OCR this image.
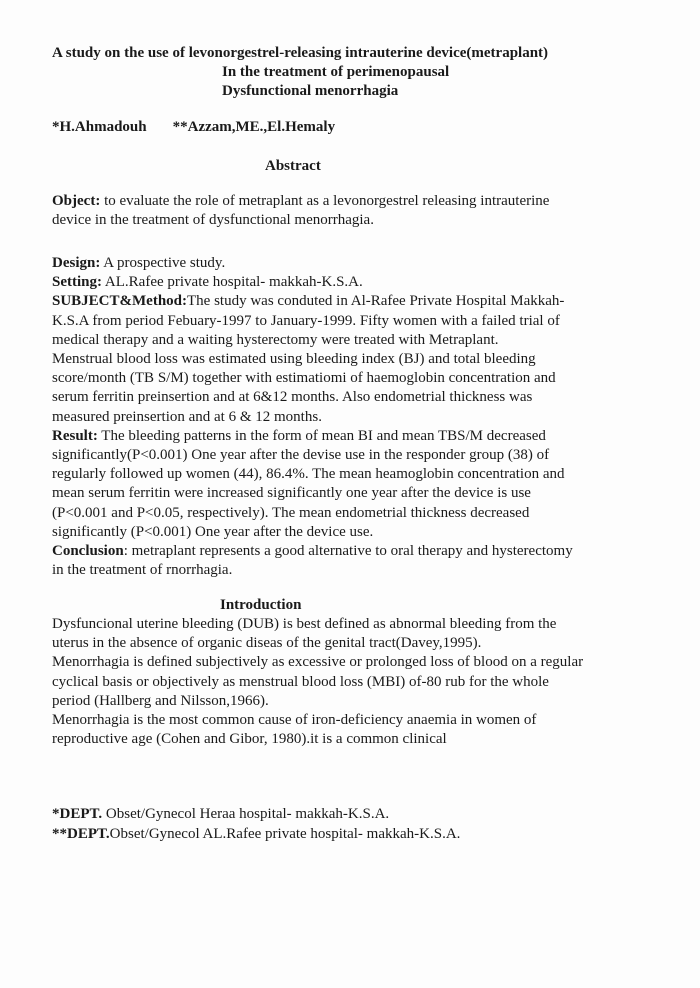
A study on the use of levonorgestrel-releasing intrauterine device(metraplant)
In the treatment of perimenopausal
Dysfunctional menorrhagia
*H.Ahmadouh **Azzam,ME.,El.Hemaly
Abstract
Object: to evaluate the role of metraplant as a levonorgestrel releasing intrauterine
device in the treatment of dysfunctional menorrhagia.
Design: A prospective study.
Setting: AL.Rafee private hospital- makkah-K.S.A.
SUBJECT&Method:The study was conduted in Al-Rafee Private Hospital Makkah-
K.S.A from period Febuary-1997 to January-1999. Fifty women with a failed trial of
medical therapy and a waiting hysterectomy were treated with Metraplant.
Menstrual blood loss was estimated using bleeding index (BJ) and total bleeding
score/month (TB S/M) together with estimatiomi of haemoglobin concentration and
serum ferritin preinsertion and at 6&12 months. Also endometrial thickness was
measured preinsertion and at 6 & 12 months.
Result: The bleeding patterns in the form of mean BI and mean TBS/M decreased
significantly(P<0.001) One year after the devise use in the responder group (38) of
regularly followed up women (44), 86.4%. The mean heamoglobin concentration and
mean serum ferritin were increased significantly one year after the device is use
(P<0.001 and P<0.05, respectively). The mean endometrial thickness decreased
significantly (P<0.001) One year after the device use.
Conclusion: metraplant represents a good alternative to oral therapy and hysterectomy
in the treatment of rnorrhagia.
Introduction
Dysfuncional uterine bleeding (DUB) is best defined as abnormal bleeding from the
uterus in the absence of organic diseas of the genital tract(Davey,1995).
Menorrhagia is defined subjectively as excessive or prolonged loss of blood on a regular
cyclical basis or objectively as menstrual blood loss (MBI) of-80 rub for the whole
period (Hallberg and Nilsson,1966).
Menorrhagia is the most common cause of iron-deficiency anaemia in women of
reproductive age (Cohen and Gibor, 1980).it is a common clinical
*DEPT. Obset/Gynecol Heraa hospital- makkah-K.S.A.
**DEPT.Obset/Gynecol AL.Rafee private hospital- makkah-K.S.A.
